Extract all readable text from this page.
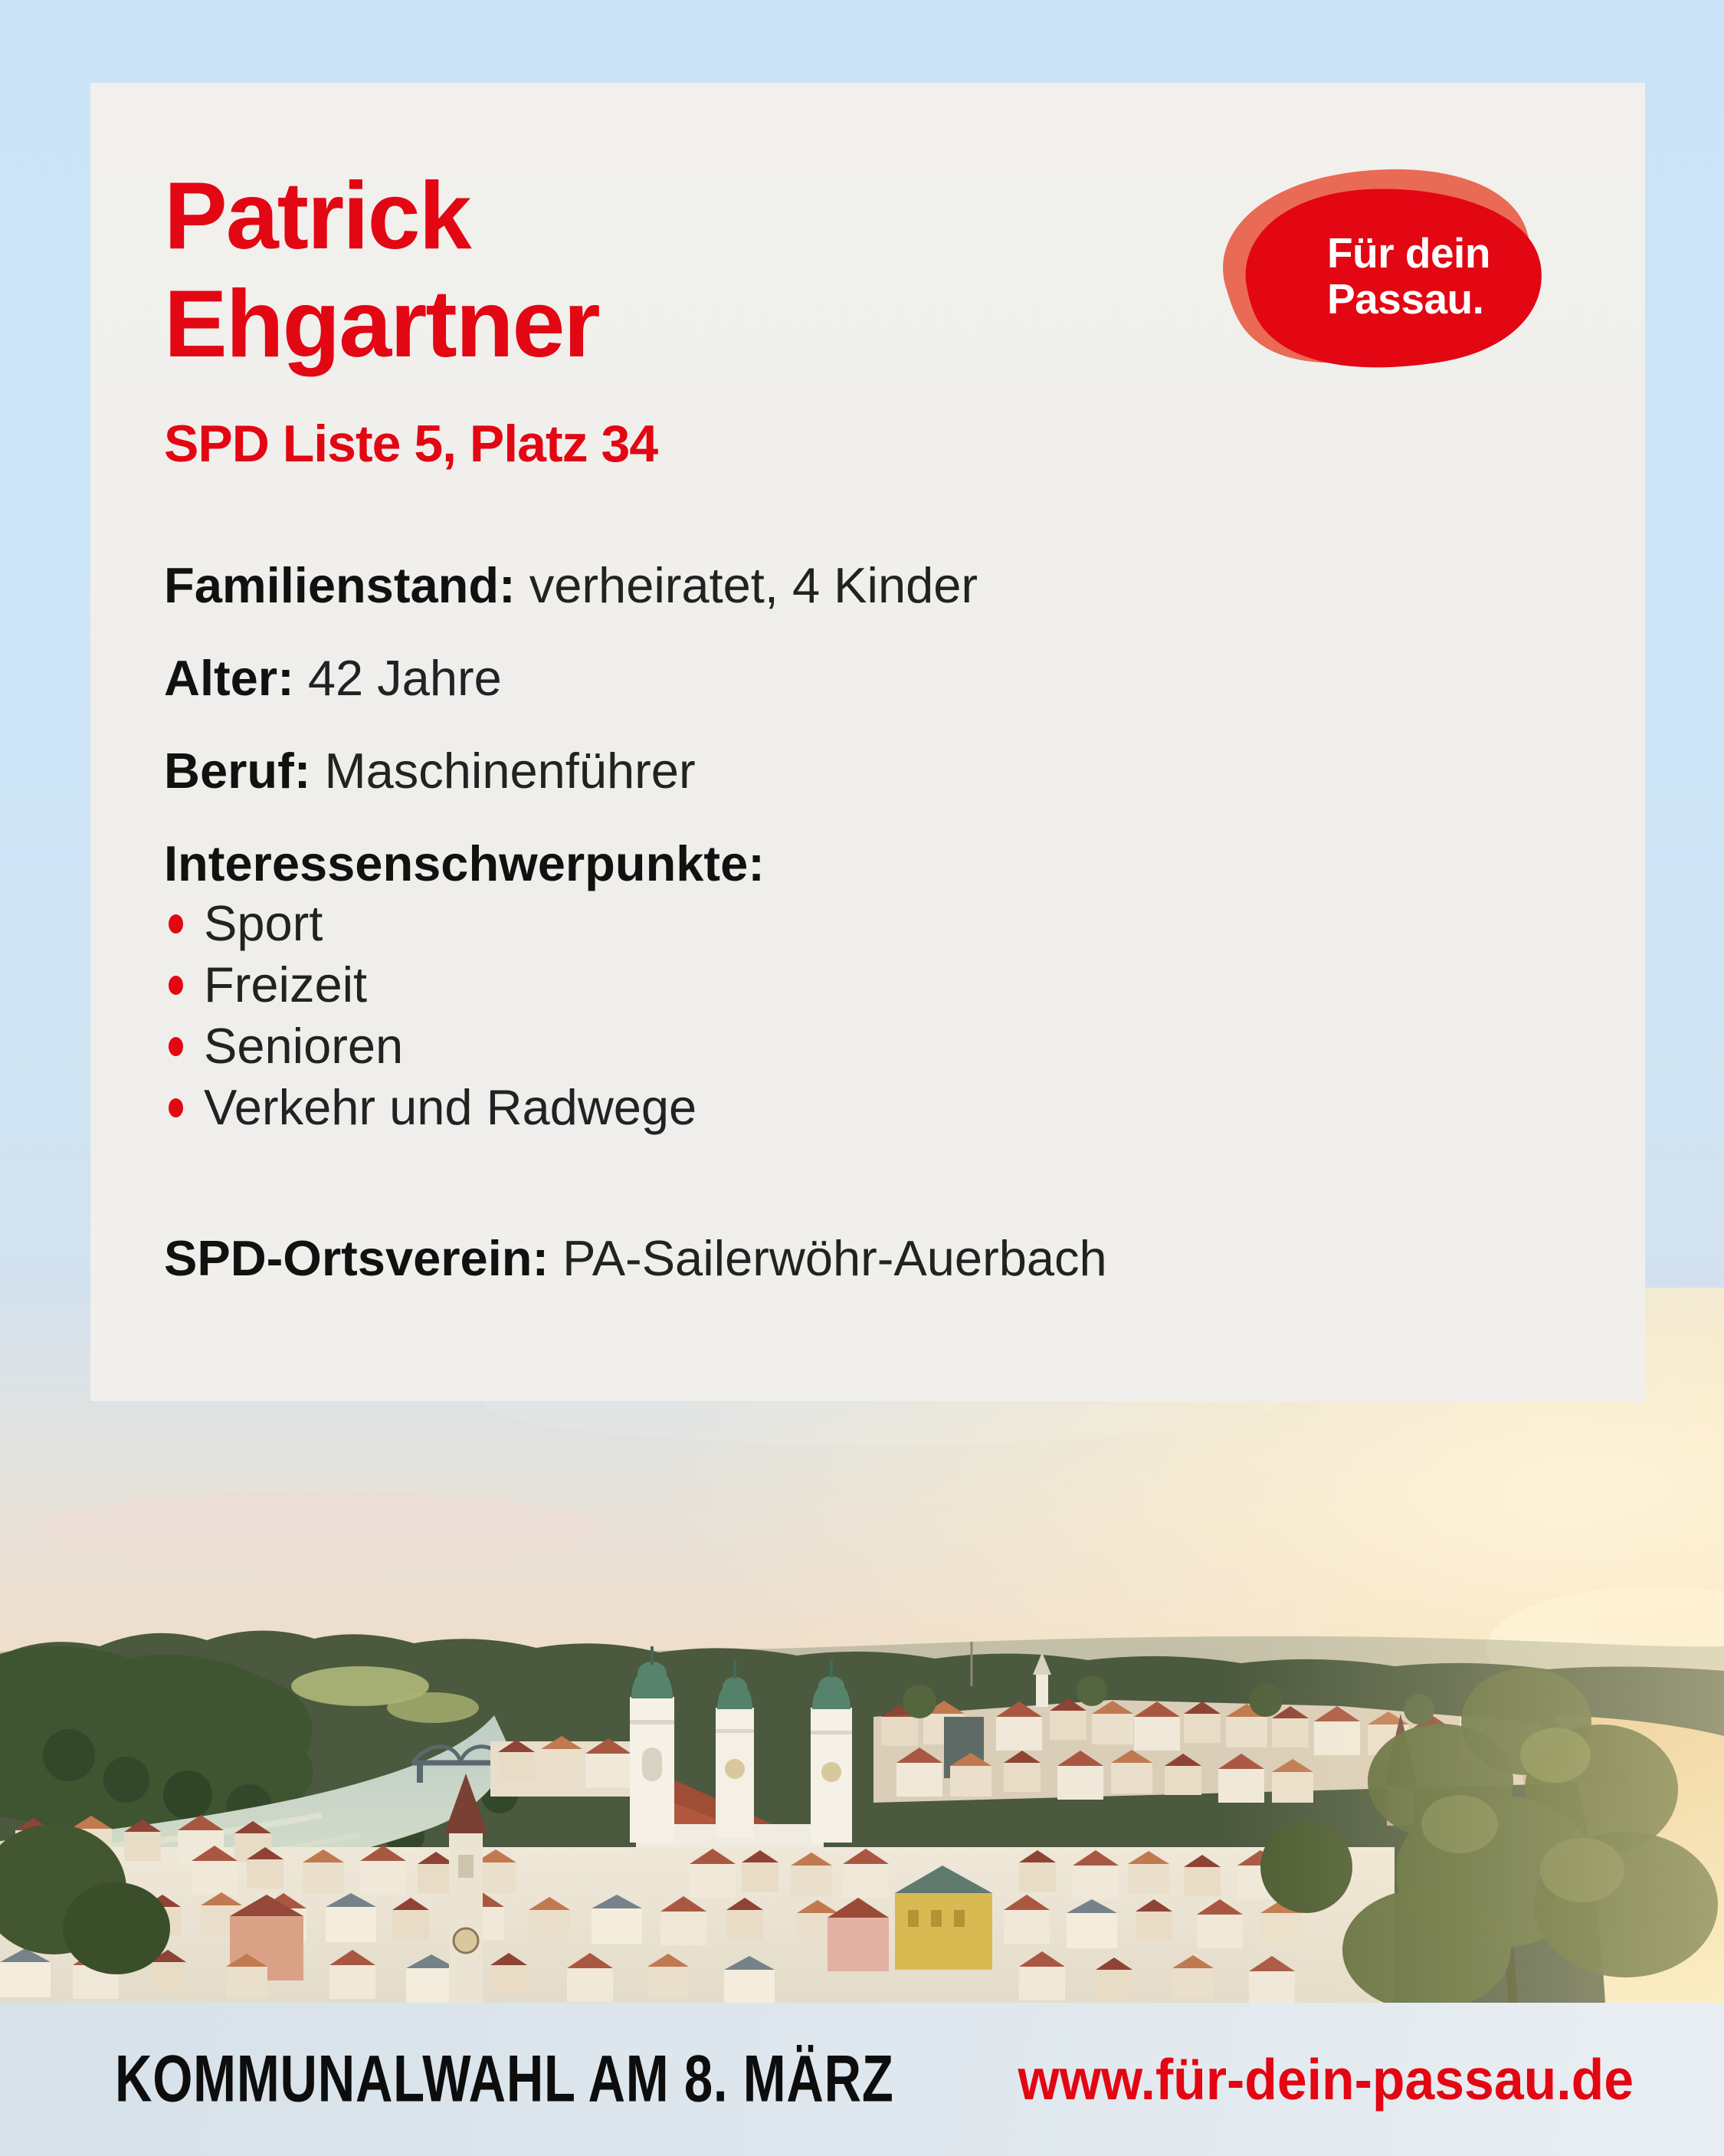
Patrick
Ehgartner
SPD Liste 5, Platz 34
Familienstand: verheiratet, 4 Kinder
Alter: 42 Jahre
Beruf: Maschinenführer
Interessenschwerpunkte:
Sport
Freizeit
Senioren
Verkehr und Radwege
SPD-Ortsverein: PA-Sailerwöhr-Auerbach
Für dein
Passau.
KOMMUNALWAHL AM 8. MÄRZ www.für-dein-passau.de
